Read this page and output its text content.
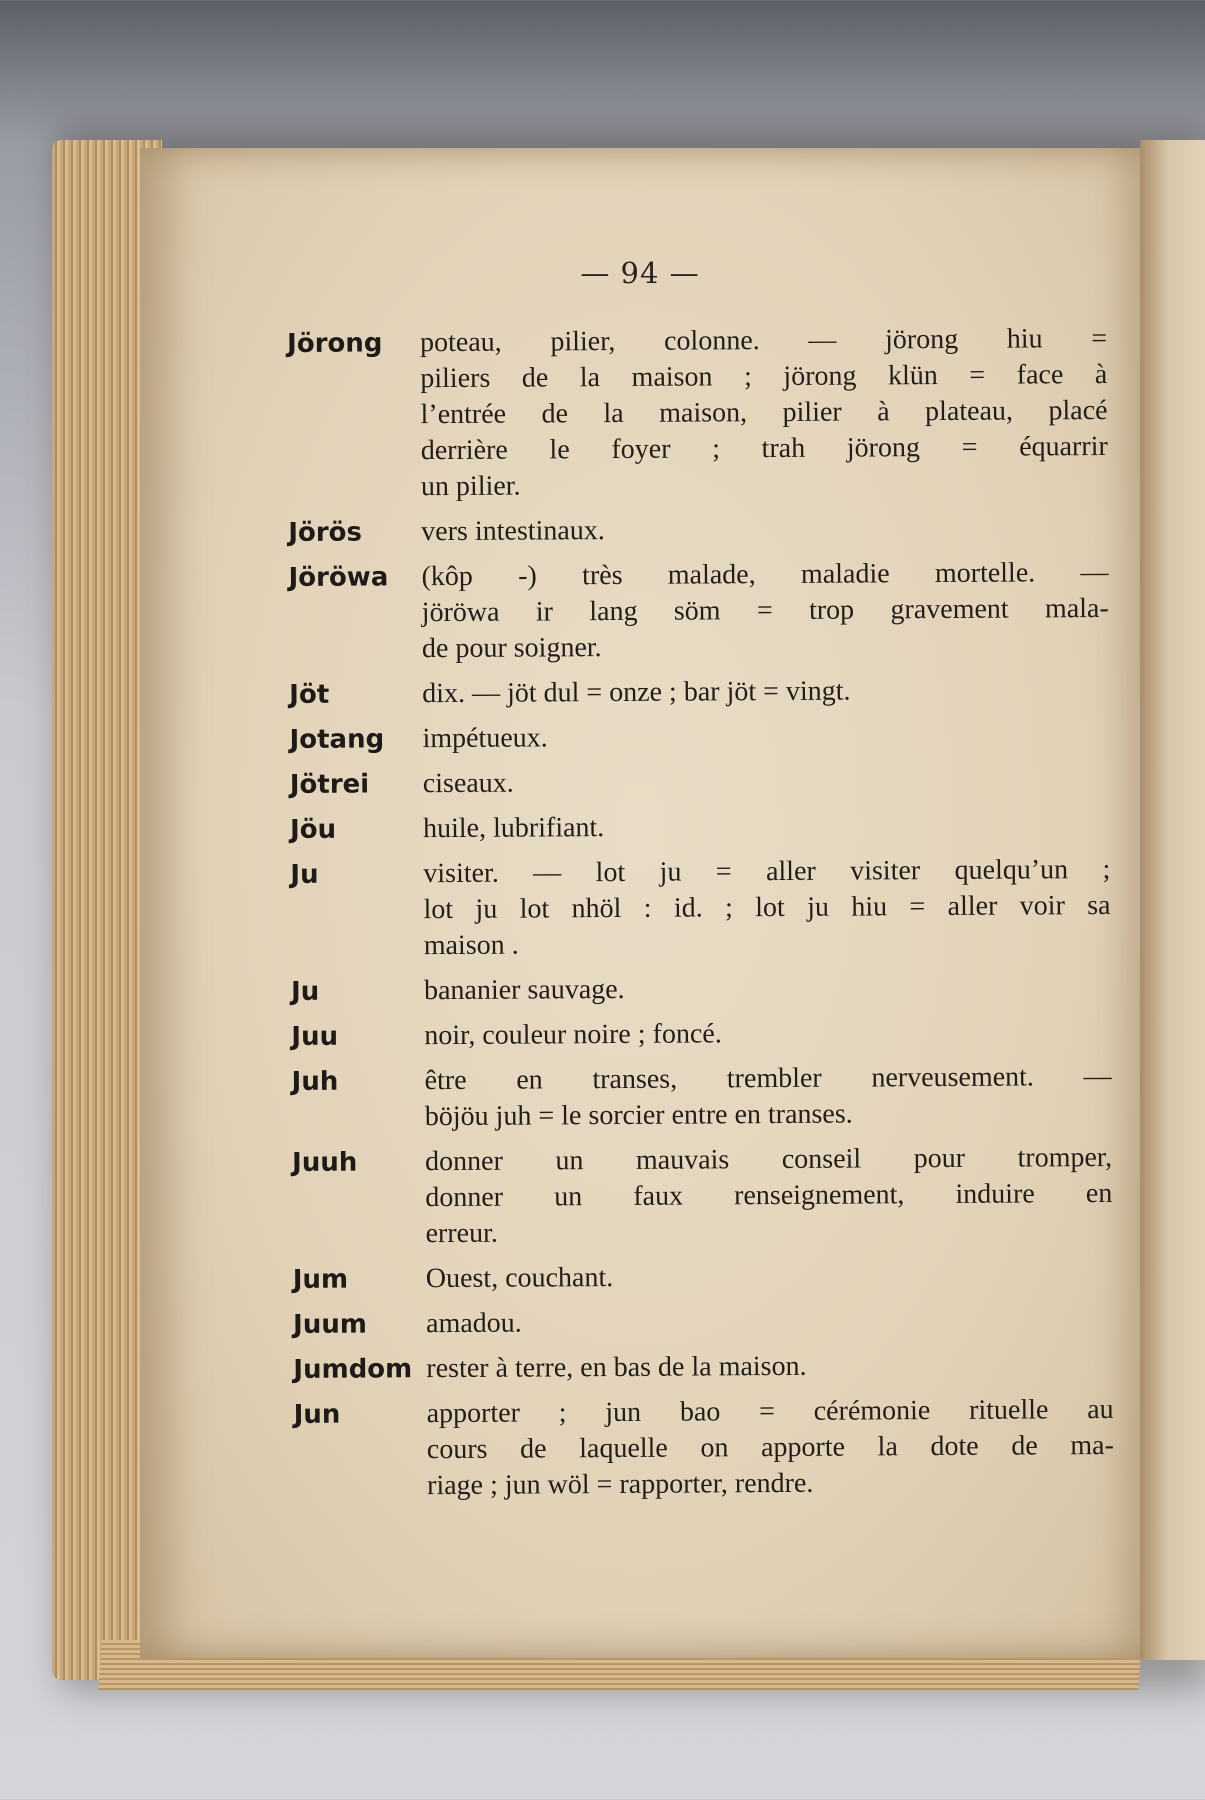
— 94 —
Jörong	poteau, pilier, colonne. — jörong hiu =
piliers de la maison ; jörong klün = face à
l’entrée de la maison, pilier à plateau, placé
derrière le foyer ; trah jörong = équarrir
un pilier.
Jörös	vers intestinaux.
Jöröwa	(kôp -) très malade, maladie mortelle. —
jöröwa ir lang söm = trop gravement mala-
de pour soigner.
Jöt	dix. — jöt dul = onze ; bar jöt = vingt.
Jotang	impétueux.
Jötrei	ciseaux.
Jöu	huile, lubrifiant.
Ju	visiter. — lot ju = aller visiter quelqu’un ;
lot ju lot nhöl : id. ; lot ju hiu = aller voir sa
maison .
Ju	bananier sauvage.
Juu	noir, couleur noire ; foncé.
Juh	être en transes, trembler nerveusement. —
böjöu juh = le sorcier entre en transes.
Juuh	donner un mauvais conseil pour tromper,
donner un faux renseignement, induire en
erreur.
Jum	Ouest, couchant.
Juum	amadou.
Jumdom rester à terre, en bas de la maison.
Jun	apporter ; jun bao = cérémonie rituelle au
cours de laquelle on apporte la dote de ma-
riage ; jun wöl = rapporter, rendre.
